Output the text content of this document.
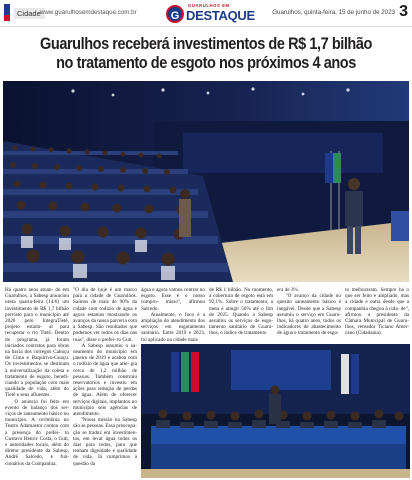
Cidade www.guarulhosemdestaque.com.br	G
GUARULHOS EM
DESTAQUE	Guarulhos, quinta-feira, 15 de junho de 2023 3
Guarulhos receberá investimentos de R$ 1,7 bilhão
no tratamento de esgoto nos próximos 4 anos
Há quatro anos atuan- do em Guarulhos, a Sabesp anunciou nesta quarta-feira (14/6) um investimento de R$ 1,7 bilhão previsto para o município até 2026 pelo IntegraTietê, projeto estadu- al para recuperar o rio Tietê. Dentro do programa, já foram iniciados contratos para obras na bacia dos córregos Cabuçu de Cima e Baquirivu-Guaçu. Os investimentos se destinam à universalização da coleta e tratamento de esgoto, benefi- ciando a população com mais qualidade de vida, além do Tietê e seus afluentes.
O anúncio foi feito em evento de balanço dos ser- viços de saneamento básico no município. A cerimônia no Teatro Adamastor contou com a presença do prefei- to Gustavo Henric Costa, o Guti, e autoridades locais, além do diretor presidente da Sabesp, André Salcedo, e fun- cionários da Companhia.
"O dia de hoje é um marco para a cidade de Guarulhos. Saímos de mais de 90% da cidade com rodízio de água e agora estamos mostrando os avanços da nossa parceria com a Sabesp. São resultados que podemos ver todos os dias nas ruas", disse o prefei- to Guti.
A Sabesp assumiu o sa- neamento do município em janeiro de 2019 e acabou com o rodízio de água que atin- gia cerca de 1,2 milhão de pessoas. Também construiu reservatórios e investiu em ações para redução de perdas de água. Além de oferecer serviços digitais, implantou no município seis agências de atendimento.
"Nossa missão na Sabesp são as pessoas. Essa preocupa- ção se traduz em investimen- tos, em levar água todos os dias para todos, para que tenham dignidade e qualidade de vida. Já cumprimos a questão da
água e agora vamos centrar no esgoto. Esse é o nosso compro- misso", afirmou Salcedo.
Atualmente, o foco é a ampliação do atendimento dos serviços em esgotamento sanitário. Entre 2019 e 2023, foi aplicado na cidade mais
de R$ 1 bilhão. No momento, a cobertura de esgoto está em 92,1%. Sobre o tratamento, a meta é atingir 50% até o fim de 2025. Quando a Sabesp assumiu os serviços de esgo- tamento sanitário de Guaru- lhos, o índice de tratamento
era de 3%.
"O avanço da cidade no quesito saneamento básico é inegável. Desde que a Sabesp assumiu o serviço em Guaru- lhos, há quatro anos, todos os indicadores de abastecimento de água e tratamento de esgo-
to melhoraram. Sempre há o que ser feito e ampliado, mas a cidade é outra desde que a companhia chegou à cida- de", afirmou o presidente da Câmara Municipal de Guaru- lhos, vereador Ticiano Amer- cano (Cidadania).
